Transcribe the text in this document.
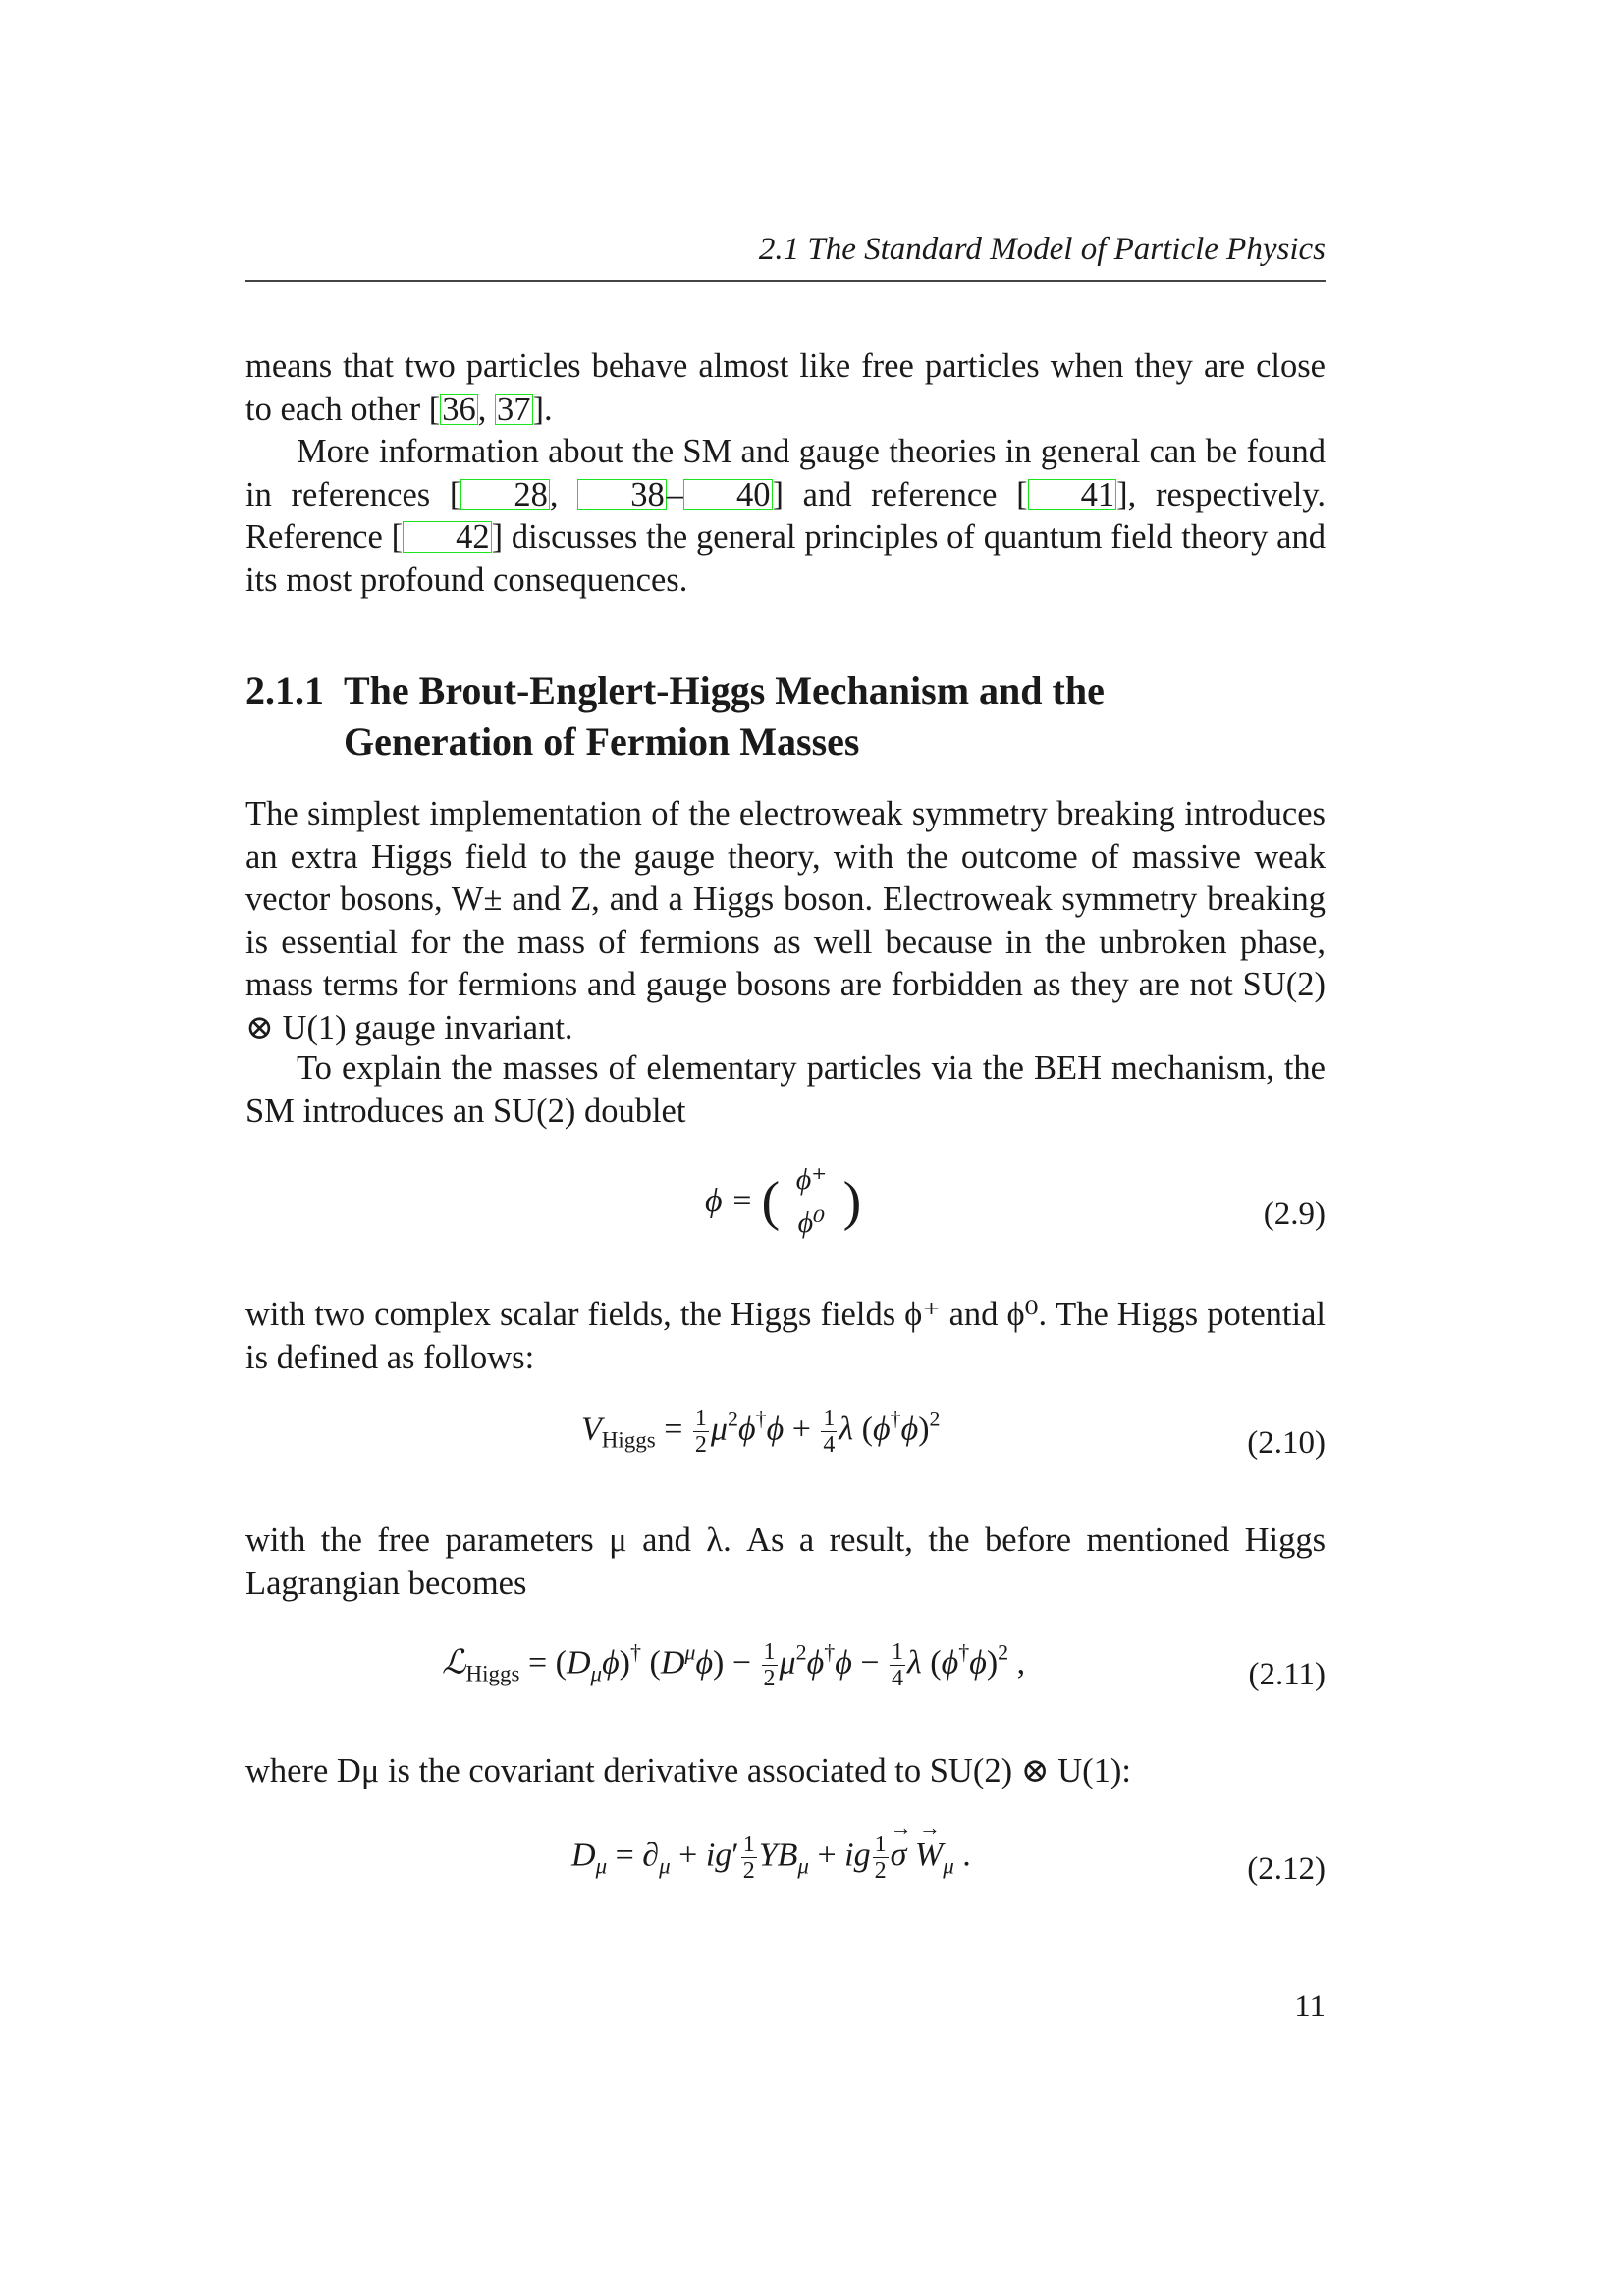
2.1 The Standard Model of Particle Physics

means that two particles behave almost like free particles when they are close to each other [36, 37].

More information about the SM and gauge theories in general can be found in references [ 28, 38– 40] and reference [ 41], respectively. Reference [ 42] discusses the general principles of quantum field theory and its most profound consequences.

2.1.1 The Brout-Englert-Higgs Mechanism and the
Generation of Fermion Masses

The simplest implementation of the electroweak symmetry breaking introduces an extra Higgs field to the gauge theory, with the outcome of massive weak vector bosons, W± and Z, and a Higgs boson. Electroweak symmetry breaking is essential for the mass of fermions as well because in the unbroken phase, mass terms for fermions and gauge bosons are forbidden as they are not SU(2) ⊗ U(1) gauge invariant.

To explain the masses of elementary particles via the BEH mechanism, the SM introduces an SU(2) doublet

ϕ = ( ϕ⁺
ϕ⁰ )	(2.9)

with two complex scalar fields, the Higgs fields ϕ⁺ and ϕ⁰. The Higgs potential is defined as follows:

$V_{Higgs} = \frac{1}{2} \mu^2\phi^\dagger\phi + \frac{1}{4}$ λ $(\phi^\dagger\phi)^2$
(2.10)

with the free parameters μ and λ. As a result, the before mentioned Higgs Lagrangian becomes

ℒ$_{Higgs}$ = $(D_\mu\phi)^\dagger$ $(D^\mu\phi) - \frac{1}{2} \mu^2\phi^\dagger\phi - \frac{1}{4}$ λ $(\phi^\dagger\phi)^2$ ,	(2.11)

where Dμ is the covariant derivative associated to SU(2) ⊗ U(1):

$D_\mu = \partial_\mu + ig' \frac{1}{2} YB_\mu$ + ig $\frac{1}{2}$
→
σ
→
$W_\mu$ .	(2.12)
11
